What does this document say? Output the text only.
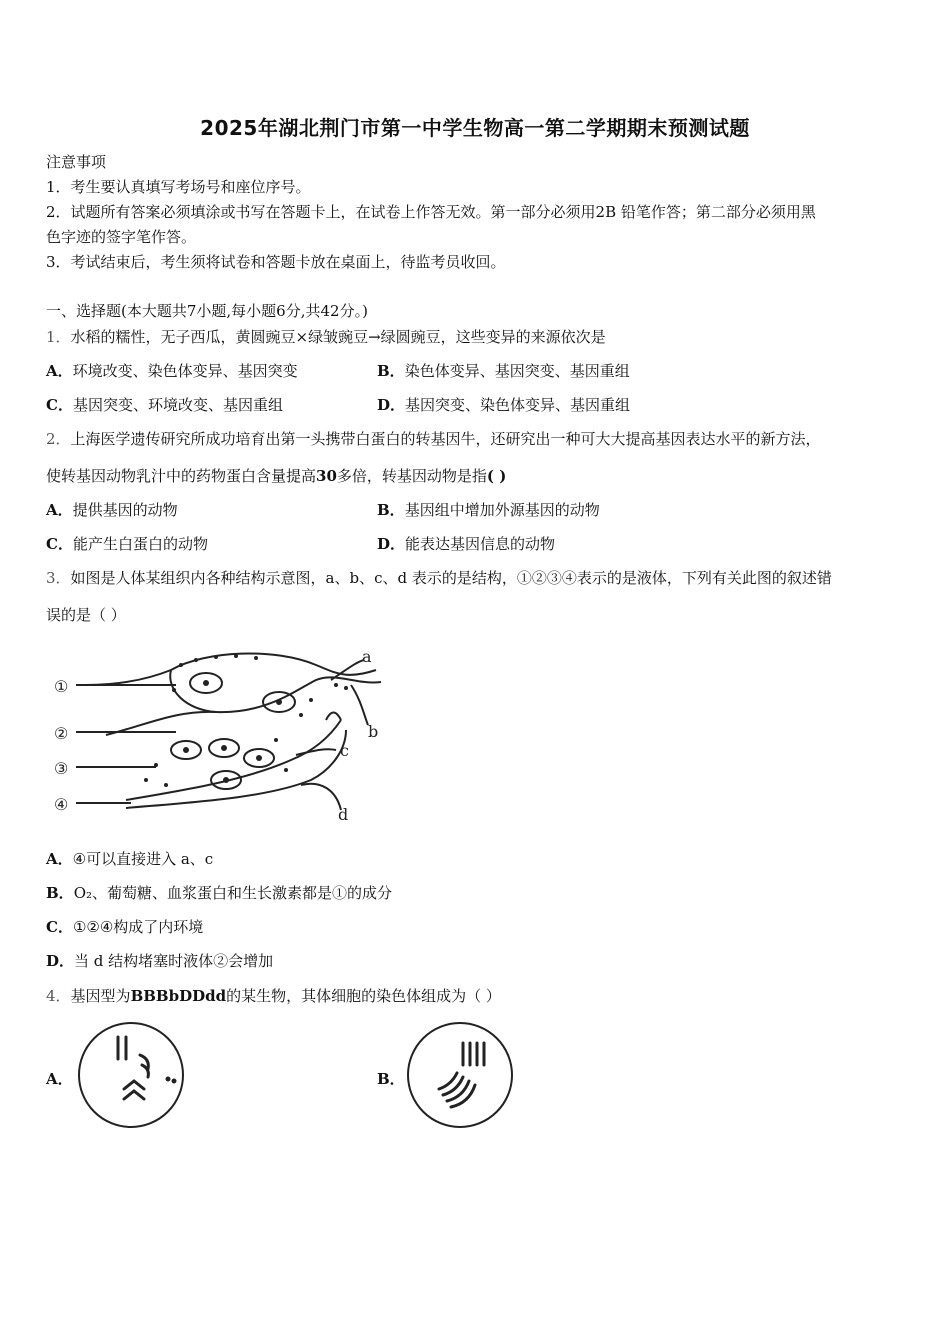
2025年湖北荆门市第一中学生物高一第二学期期末预测试题
注意事项
1．考生要认真填写考场号和座位序号。
2．试题所有答案必须填涂或书写在答题卡上，在试卷上作答无效。第一部分必须用2B 铅笔作答；第二部分必须用黑
色字迹的签字笔作答。
3．考试结束后，考生须将试卷和答题卡放在桌面上，待监考员收回。
一、选择题(本大题共7小题,每小题6分,共42分。)
1．水稻的糯性，无子西瓜，黄圆豌豆×绿皱豌豆→绿圆豌豆，这些变异的来源依次是
A．环境改变、染色体变异、基因突变	B．染色体变异、基因突变、基因重组
C．基因突变、环境改变、基因重组	D．基因突变、染色体变异、基因重组
2．上海医学遗传研究所成功培育出第一头携带白蛋白的转基因牛，还研究出一种可大大提高基因表达水平的新方法，
使转基因动物乳汁中的药物蛋白含量提高30多倍，转基因动物是指( )
A．提供基因的动物	B．基因组中增加外源基因的动物
C．能产生白蛋白的动物	D．能表达基因信息的动物
3．如图是人体某组织内各种结构示意图，a、b、c、d 表示的是结构，①②③④表示的是液体，下列有关此图的叙述错
误的是（ ）
①
②
③
④
a
b
c
d
A．④可以直接进入 a、c
B．O₂、葡萄糖、血浆蛋白和生长激素都是①的成分
C．①②④构成了内环境
D．当 d 结构堵塞时液体②会增加
4．基因型为BBBbDDdd的某生物，其体细胞的染色体组成为（ ）
A．	B．
